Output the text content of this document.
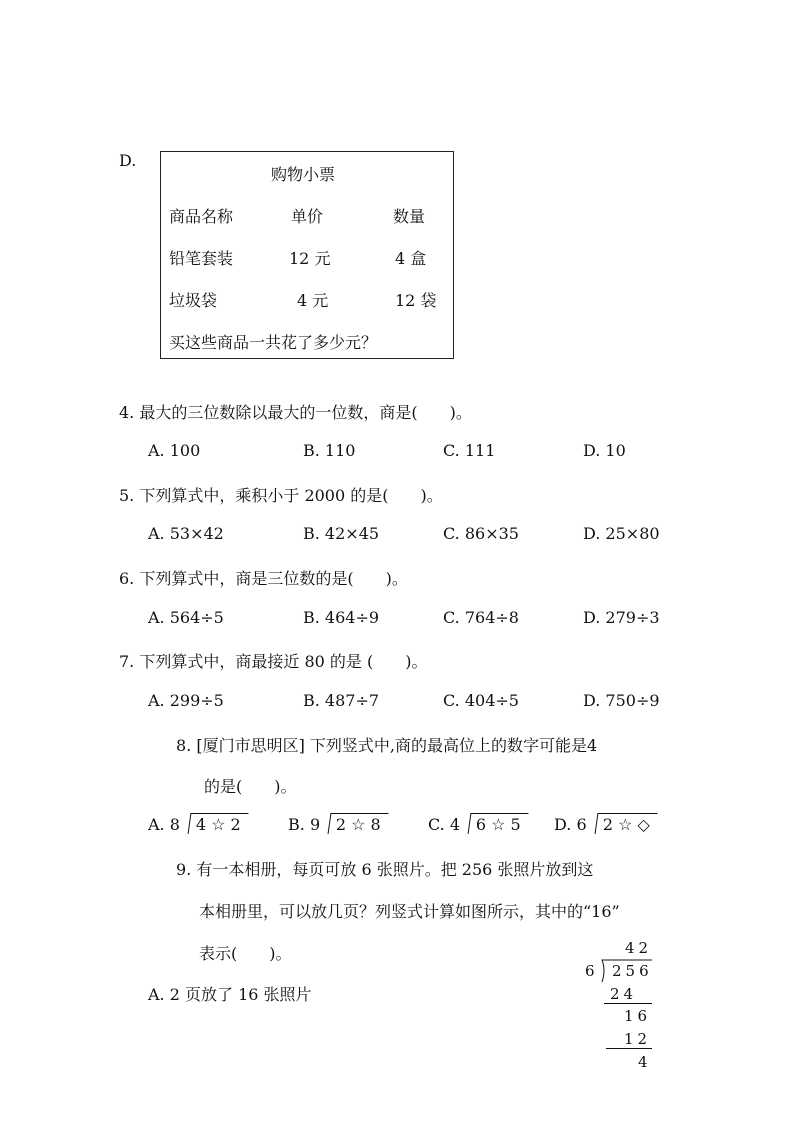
D.
购物小票
商品名称	单价	数量
铅笔套装	12 元	4 盒
垃圾袋	4 元	12 袋
买这些商品一共花了多少元？
4. 最大的三位数除以最大的一位数，商是(　　)。
A. 100	B. 110	C. 111	D. 10
5. 下列算式中，乘积小于 2000 的是(　　)。
A. 53×42	B. 42×45	C. 86×35	D. 25×80
6. 下列算式中，商是三位数的是(　　)。
A. 564÷5	B. 464÷9	C. 764÷8	D. 279÷3
7. 下列算式中，商最接近 80 的是 (　　)。
A. 299÷5	B. 487÷7	C. 404÷5	D. 750÷9
8. [厦门市思明区] 下列竖式中,商的最高位上的数字可能是4
的是(　　)。
A. 8 4 ☆ 2	B. 9 2 ☆ 8	C. 4 6 ☆ 5	D. 6 2 ☆ ◇
9. 有一本相册，每页可放 6 张照片。把 256 张照片放到这
本相册里，可以放几页？列竖式计算如图所示，其中的“16”
表示(　　)。
A. 2 页放了 16 张照片
42
6 256
24
16
12
4
